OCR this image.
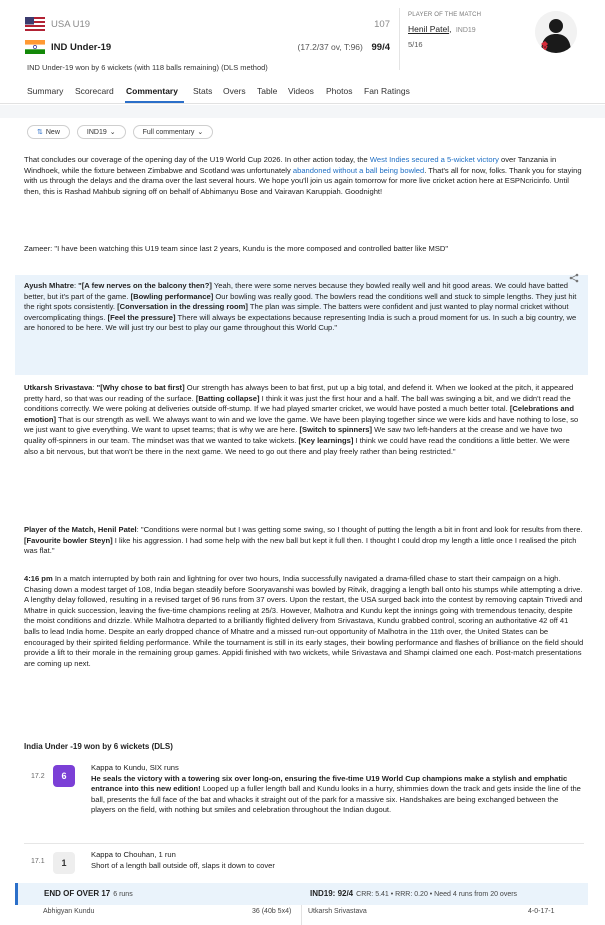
USA U19	107
IND Under-19	(17.2/37 ov, T:96) 99/4
IND Under-19 won by 6 wickets (with 118 balls remaining) (DLS method)
PLAYER OF THE MATCH
Henil Patel, IND19
5/16
Summary Scorecard Commentary Stats Overs Table Videos Photos Fan Ratings
⇅ New	IND19 ⌄	Full commentary ⌄
That concludes our coverage of the opening day of the U19 World Cup 2026. In other action today, the West Indies secured a 5-wicket victory over Tanzania in Windhoek, while the fixture between Zimbabwe and Scotland was unfortunately abandoned without a ball being bowled. That's all for now, folks. Thank you for staying with us through the delays and the drama over the last several hours. We hope you'll join us again tomorrow for more live cricket action here at ESPNcricinfo. Until then, this is Rashad Mahbub signing off on behalf of Abhimanyu Bose and Vairavan Karuppiah. Goodnight!
Zameer: "I have been watching this U19 team since last 2 years, Kundu is the more composed and controlled batter like MSD"
Ayush Mhatre: "[A few nerves on the balcony then?] Yeah, there were some nerves because they bowled really well and hit good areas. We could have batted better, but it's part of the game. [Bowling performance] Our bowling was really good. The bowlers read the conditions well and stuck to simple lengths. They just hit the right spots consistently. [Conversation in the dressing room] The plan was simple. The batters were confident and just wanted to play normal cricket without overcomplicating things. [Feel the pressure] There will always be expectations because representing India is such a proud moment for us. In such a big country, we are honored to be here. We will just try our best to play our game throughout this World Cup."
Utkarsh Srivastava: "[Why chose to bat first] Our strength has always been to bat first, put up a big total, and defend it. When we looked at the pitch, it appeared pretty hard, so that was our reading of the surface. [Batting collapse] I think it was just the first hour and a half. The ball was swinging a bit, and we didn't read the conditions correctly. We were poking at deliveries outside off-stump. If we had played smarter cricket, we would have posted a much better total. [Celebrations and emotion] That is our strength as well. We always want to win and we love the game. We have been playing together since we were kids and have nothing to lose, so we just want to give everything. We want to upset teams; that is why we are here. [Switch to spinners] We saw two left-handers at the crease and we have two quality off-spinners in our team. The mindset was that we wanted to take wickets. [Key learnings] I think we could have read the conditions a little better. We were also a bit nervous, but that won't be there in the next game. We need to go out there and play freely rather than being restricted."
Player of the Match, Henil Patel: "Conditions were normal but I was getting some swing, so I thought of putting the length a bit in front and look for results from there. [Favourite bowler Steyn] I like his aggression. I had some help with the new ball but kept it full then. I thought I could drop my length a little once I realised the pitch was flat."
4:16 pm In a match interrupted by both rain and lightning for over two hours, India successfully navigated a drama-filled chase to start their campaign on a high. Chasing down a modest target of 108, India began steadily before Sooryavanshi was bowled by Ritvik, dragging a length ball onto his stumps while attempting a drive. A lengthy delay followed, resulting in a revised target of 96 runs from 37 overs. Upon the restart, the USA surged back into the contest by removing captain Trivedi and Mhatre in quick succession, leaving the five-time champions reeling at 25/3. However, Malhotra and Kundu kept the innings going with tremendous tenacity, despite the moist conditions and drizzle. While Malhotra departed to a brilliantly flighted delivery from Srivastava, Kundu grabbed control, scoring an authoritative 42 off 41 balls to lead India home. Despite an early dropped chance of Mhatre and a missed run-out opportunity of Malhotra in the 11th over, the United States can be encouraged by their spirited fielding performance. While the tournament is still in its early stages, their bowling performance and flashes of brilliance on the field should provide a lift to their morale in the remaining group games. Appidi finished with two wickets, while Srivastava and Shampi claimed one each. Post-match presentations are coming up next.
India Under -19 won by 6 wickets (DLS)
17.2	6
Kappa to Kundu, SIX runs
He seals the victory with a towering six over long-on, ensuring the five-time U19 World Cup champions make a stylish and emphatic entrance into this new edition! Looped up a fuller length ball and Kundu looks in a hurry, shimmies down the track and gets inside the line of the ball, presents the full face of the bat and whacks it straight out of the park for a massive six. Handshakes are being exchanged between the players on the field, with nothing but smiles and celebration throughout the Indian dugout.
17.1	1
Kappa to Chouhan, 1 run
Short of a length ball outside off, slaps it down to cover
END OF OVER 17 6 runs	IND19: 92/4 CRR: 5.41 • RRR: 0.20 • Need 4 runs from 20 overs
Abhigyan Kundu	36 (40b 5x4) Utkarsh Srivastava	4-0-17-1
